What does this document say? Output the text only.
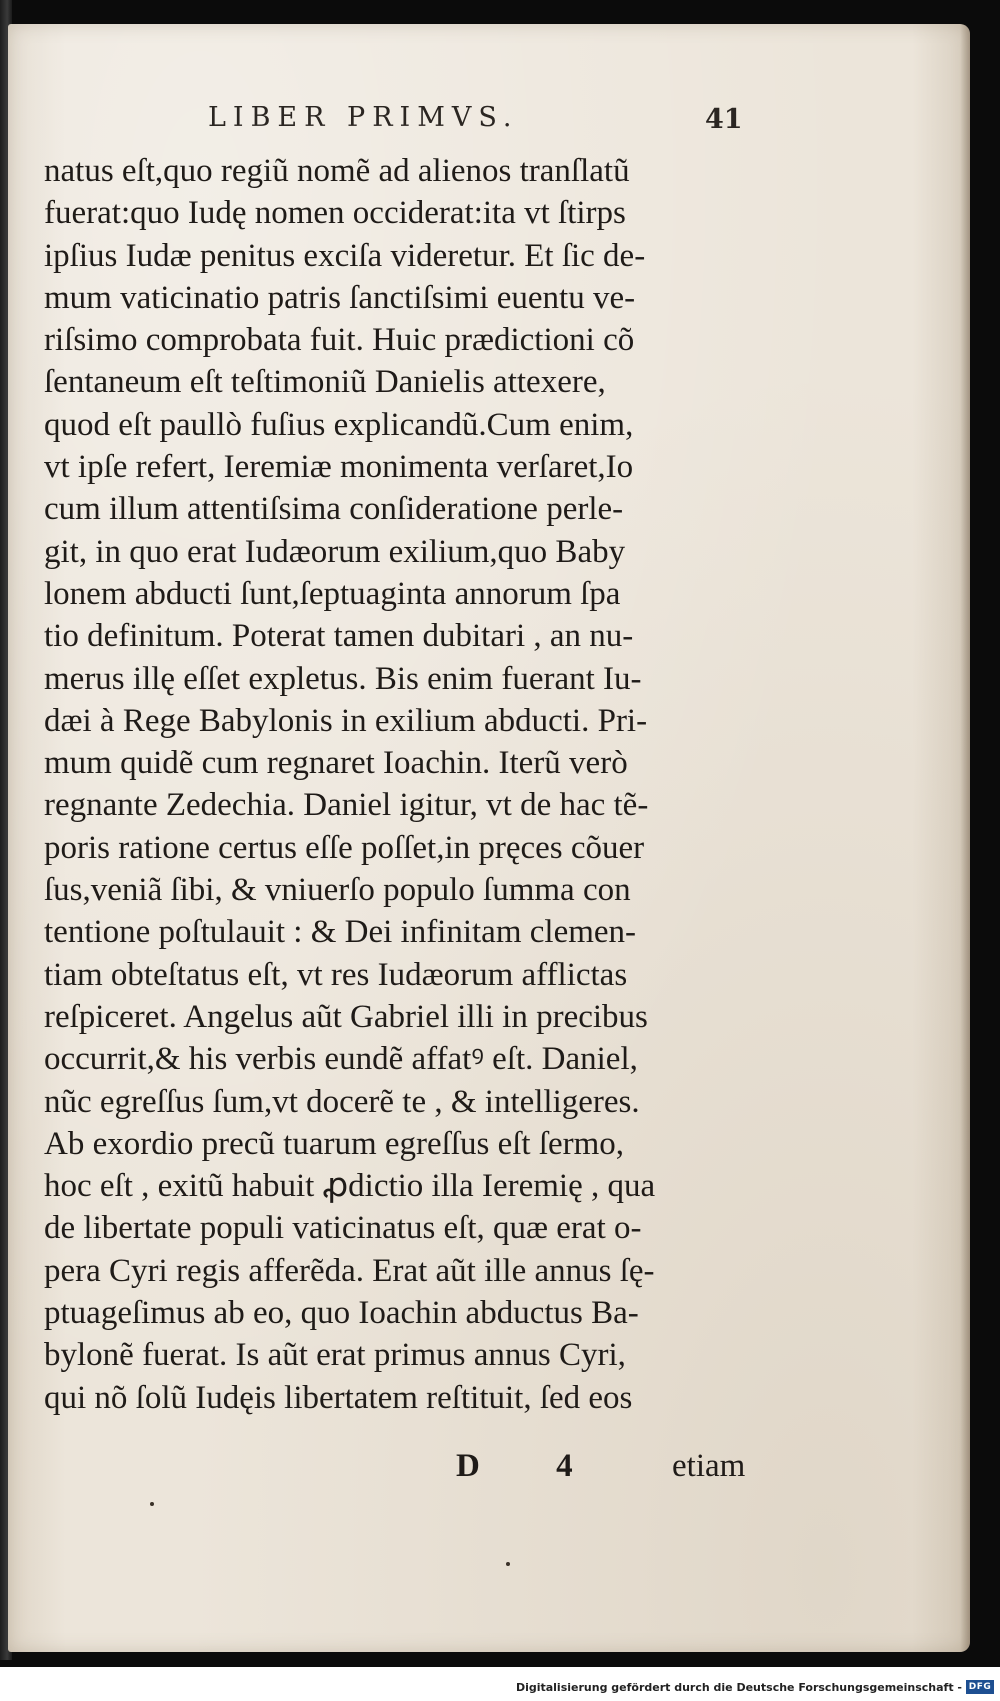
LIBER PRIMVS.	41
natus eſt,quo regiũ nomẽ ad alienos tranſlatũ
fuerat:quo Iudę nomen occiderat:ita vt ſtirps
ipſius Iudæ penitus exciſa videretur. Et ſic de-
mum vaticinatio patris ſanctiſsimi euentu ve-
riſsimo comprobata fuit. Huic prædictioni cõ
ſentaneum eſt teſtimoniũ Danielis attexere,
quod eſt paullò fuſius explicandũ.Cum enim,
vt ipſe refert, Ieremiæ monimenta verſaret,Io
cum illum attentiſsima conſideratione perle-
git, in quo erat Iudæorum exilium,quo Baby
lonem abducti ſunt,ſeptuaginta annorum ſpa
tio definitum. Poterat tamen dubitari , an nu-
merus illę eſſet expletus. Bis enim fuerant Iu-
dæi à Rege Babylonis in exilium abducti. Pri-
mum quidẽ cum regnaret Ioachin. Iterũ verò
regnante Zedechia. Daniel igitur, vt de hac tẽ-
poris ratione certus eſſe poſſet,in pręces cõuer
ſus,veniã ſibi, & vniuerſo populo ſumma con
tentione poſtulauit : & Dei infinitam clemen-
tiam obteſtatus eſt, vt res Iudæorum afflictas
reſpiceret. Angelus aũt Gabriel illi in precibus
occurrit,& his verbis eundẽ affatꝰ eſt. Daniel,
nũc egreſſus ſum,vt docerẽ te , & intelligeres.
Ab exordio precũ tuarum egreſſus eſt ſermo,
hoc eſt , exitũ habuit ꝓdictio illa Ieremię , qua
de libertate populi vaticinatus eſt, quæ erat o-
pera Cyri regis afferẽda. Erat aũt ille annus ſę-
ptuageſimus ab eo, quo Ioachin abductus Ba-
bylonẽ fuerat. Is aũt erat primus annus Cyri,
qui nõ ſolũ Iudęis libertatem reſtituit, ſed eos
D 4 etiam
Digitalisierung gefördert durch die Deutsche Forschungsgemeinschaft - DFG
